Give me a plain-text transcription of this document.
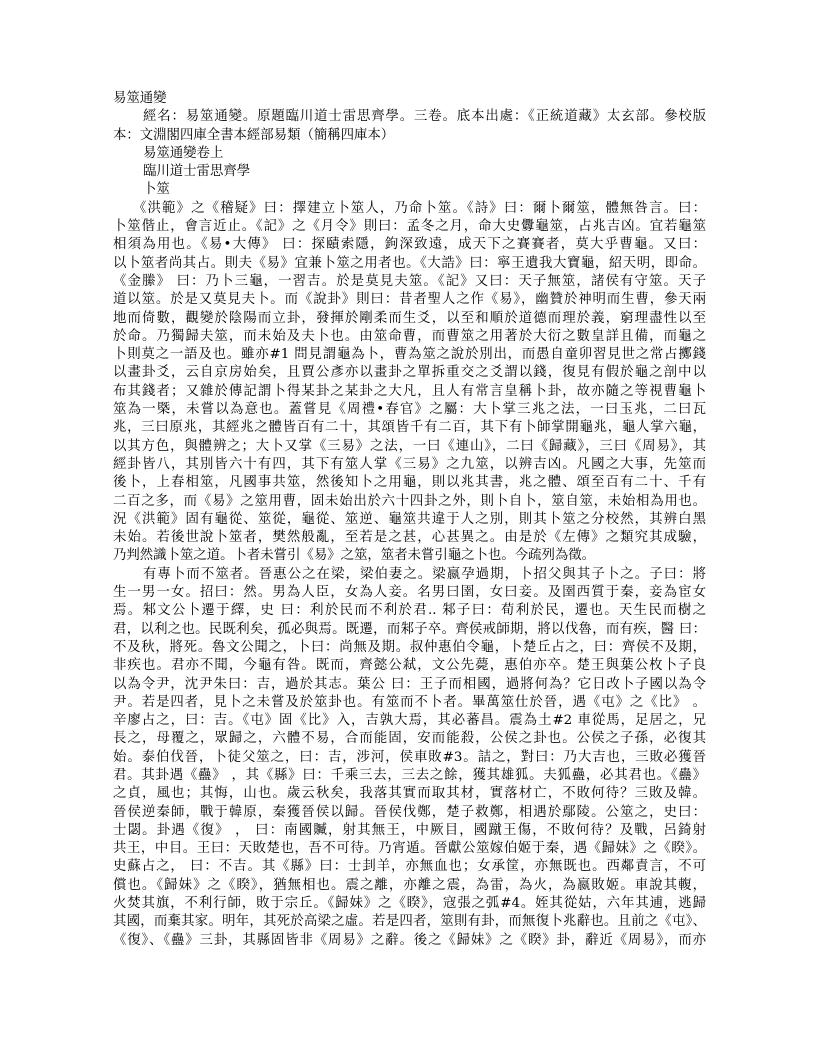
易筮通變
經名：易筮通變。原題臨川道士雷思齊學。三卷。底本出處：《正統道藏》太玄部。參校版
本：文淵閣四庫全書本經部易類（簡稱四庫本）
易筮通變卷上
臨川道士雷思齊學
卜筮
《洪範》之《稽疑》曰：擇建立卜筮人，乃命卜筮。《詩》曰：爾卜爾筮，體無咎言。曰：
卜筮偕止，會言近止。《記》之《月令》則曰：孟冬之月，命大史釁龜筮，占兆吉凶。宜若龜筮
相須為用也。《易•大傳》 曰：探賾索隱，鉤深致遠，成天下之賽賽者，莫大乎曹龜。又曰：
以卜筮者尚其占。則夫《易》宜兼卜筮之用者也。《大誥》曰：寧王遺我大寶龜，紹天明，即命。
《金縢》 曰：乃卜三龜，一習吉。於是莫見夫筮。《記》又曰：天子無筮，諸侯有守筮。天子
道以筮。於是又莫見夫卜。而《說卦》則曰：昔者聖人之作《易》，幽贊於神明而生曹，參天兩
地而倚數，觀變於陰陽而立卦，發揮於剛柔而生爻，以至和順於道德而理於義，窮理盡性以至
於命。乃獨歸夫筮，而未始及夫卜也。由筮命曹，而曹筮之用著於大衍之數皇詳且備，而龜之
卜則莫之一語及也。雖亦#1 問見謂龜為卜，曹為筮之說於別出，而愚自童卯習見世之常占擲錢
以畫卦爻，云自京房始矣，且賈公彥亦以畫卦之單拆重交之爻謂以錢，復見有假於龜之剖中以
布其錢者；又雜於傳記謂卜得某卦之某卦之大凡，且人有常言皇稱卜卦，故亦隨之等視曹龜卜
筮為一槩，未嘗以為意也。蓋嘗見《周禮•春官》之屬：大卜掌三兆之法，一曰玉兆，二曰瓦
兆，三曰原兆，其經兆之體皆百有二十，其頌皆千有二百，其下有卜師掌開龜兆，龜人掌六龜，
以其方色，與體辨之；大卜又掌《三易》之法，一曰《連山》，二曰《歸藏》，三曰《周易》，其
經卦皆八，其別皆六十有四，其下有筮人掌《三易》之九筮，以辨吉凶。凡國之大事，先筮而
後卜，上春相筮，凡國事共筮，然後知卜之用龜，則以兆其書，兆之體、頌至百有二十、千有
二百之多，而《易》之筮用曹，固未始出於六十四卦之外，則卜自卜，筮自筮，未始相為用也。
況《洪範》固有龜從、筮從，龜從、筮逆、龜筮共違于人之別，則其卜筮之分校然，其辨白黑
未始。若後世說卜筮者，樊然般亂，至若是之甚，心甚異之。由是於《左傳》之類究其成驗，
乃判然識卜筮之道。卜者未嘗引《易》之筮，筮者未嘗引龜之卜也。今疏列為徵。
有專卜而不筮者。晉惠公之在梁，梁伯妻之。梁嬴孕過期，卜招父與其子卜之。子曰：將
生一男一女。招曰：然。男為人臣，女為人妾。名男曰圉，女曰妾。及圉西質于秦，妾為宦女
焉。邾文公卜遷于繹，史 曰：利於民而不利於君.. 邾子曰：荀利於民，遷也。天生民而樹之
君，以利之也。民既利矣，孤必與焉。既遷，而邾子卒。齊侯戒師期，將以伐魯，而有疾，醫 曰：
不及秋，將死。魯文公聞之，卜曰：尚無及期。叔仲惠伯令龜，卜楚丘占之，曰：齊侯不及期，
非疾也。君亦不聞，今龜有咎。既而，齊懿公弒，文公先薨，惠伯亦卒。楚王與葉公枚卜子良
以為令尹，沈尹朱曰：吉，過於其志。葉公 曰：王子而相國，過將何為？它日改卜子國以為令
尹。若是四者，見卜之未嘗及於筮卦也。有筮而不卜者。畢萬筮仕於晉，遇《屯》之《比》 。
辛廖占之，曰：吉。《屯》固《比》入，吉孰大焉，其必蕃昌。震為土#2 車從馬，足居之，兄
長之，母覆之，眾歸之，六體不易，合而能固，安而能殺，公侯之卦也。公侯之子孫，必復其
始。泰伯伐晉，卜徒父筮之，曰：吉，涉河，侯車敗#3。詰之，對曰：乃大吉也，三敗必獲晉
君。其卦遇《蠱》 ，其《縣》曰：千乘三去，三去之餘，獲其雄狐。夫狐蠱，必其君也。《蠱》
之貞，風也；其悔，山也。歲云秋矣，我落其實而取其材，實落材亡，不敗何待？三敗及韓。
晉侯逆秦師，戰于韓原，秦獲晉侯以歸。晉侯伐鄭，楚子救鄭，相遇於鄢陵。公筮之，史曰：
士閟。卦遇《復》 ， 曰：南國贓，射其無王，中厥目，國蹴王傷，不敗何待？及戰，呂錡射
共王，中目。王曰：天敗楚也，吾不可待。乃宵遁。晉獻公筮嫁伯姬于秦，遇《歸妹》之《睽》。
史蘇占之， 曰：不吉。其《縣》曰：士刲羊，亦無血也；女承筐，亦無既也。西鄰責言，不可
償也。《歸妹》之《睽》，猶無相也。震之離，亦離之震，為雷，為火，為嬴敗姬。車說其輹，
火焚其旗，不利行師，敗于宗丘。《歸妹》之《睽》，寇張之弧#4。姪其從姑，六年其逋，逃歸
其國，而棄其家。明年，其死於高梁之虛。若是四者，筮則有卦，而無復卜兆辭也。且前之《屯》、
《復》、《蠱》三卦，其縣固皆非《周易》之辭。後之《歸妹》之《睽》卦，辭近《周易》，而亦
